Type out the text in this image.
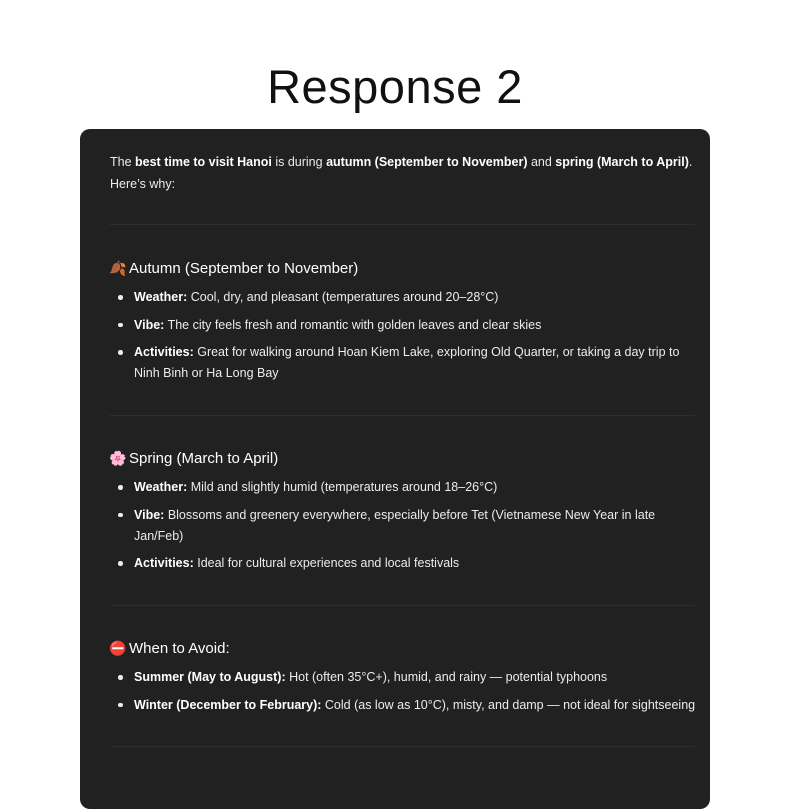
Response 2

The best time to visit Hanoi is during autumn (September to November) and spring (March to April). Here’s why:

🍂 Autumn (September to November)
Weather: Cool, dry, and pleasant (temperatures around 20–28°C)
Vibe: The city feels fresh and romantic with golden leaves and clear skies
Activities: Great for walking around Hoan Kiem Lake, exploring Old Quarter, or taking a day trip to Ninh Binh or Ha Long Bay
🌸 Spring (March to April)
Weather: Mild and slightly humid (temperatures around 18–26°C)
Vibe: Blossoms and greenery everywhere, especially before Tet (Vietnamese New Year in late Jan/Feb)
Activities: Ideal for cultural experiences and local festivals
⛔ When to Avoid:
Summer (May to August): Hot (often 35°C+), humid, and rainy — potential typhoons
Winter (December to February): Cold (as low as 10°C), misty, and damp — not ideal for sightseeing
